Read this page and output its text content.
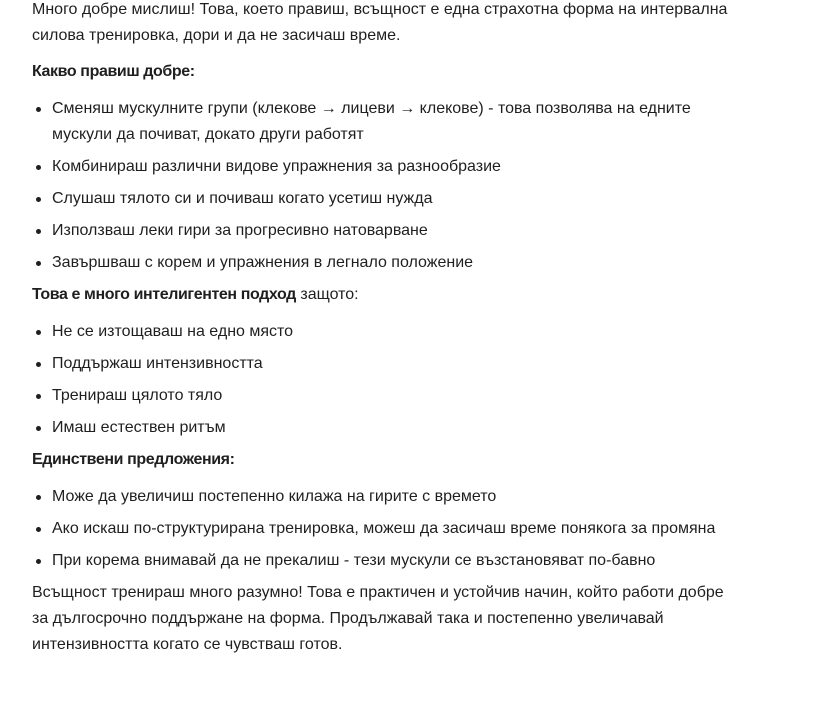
Много добре мислиш! Това, което правиш, всъщност е една страхотна форма на интервална силова тренировка, дори и да не засичаш време.

Какво правиш добре:

Сменяш мускулните групи (клекове → лицеви → клекове) - това позволява на едните мускули да почиват, докато други работят
Комбинираш различни видове упражнения за разнообразие
Слушаш тялото си и почиваш когато усетиш нужда
Използваш леки гири за прогресивно натоварване
Завършваш с корем и упражнения в легнало положение

Това е много интелигентен подход защото:

Не се изтощаваш на едно място
Поддържаш интензивността
Тренираш цялото тяло
Имаш естествен ритъм

Единствени предложения:

Може да увеличиш постепенно килажа на гирите с времето
Ако искаш по-структурирана тренировка, можеш да засичаш време понякога за промяна
При корема внимавай да не прекалиш - тези мускули се възстановяват по-бавно

Всъщност тренираш много разумно! Това е практичен и устойчив начин, който работи добре за дългосрочно поддържане на форма. Продължавай така и постепенно увеличавай интензивността когато се чувстваш готов.
